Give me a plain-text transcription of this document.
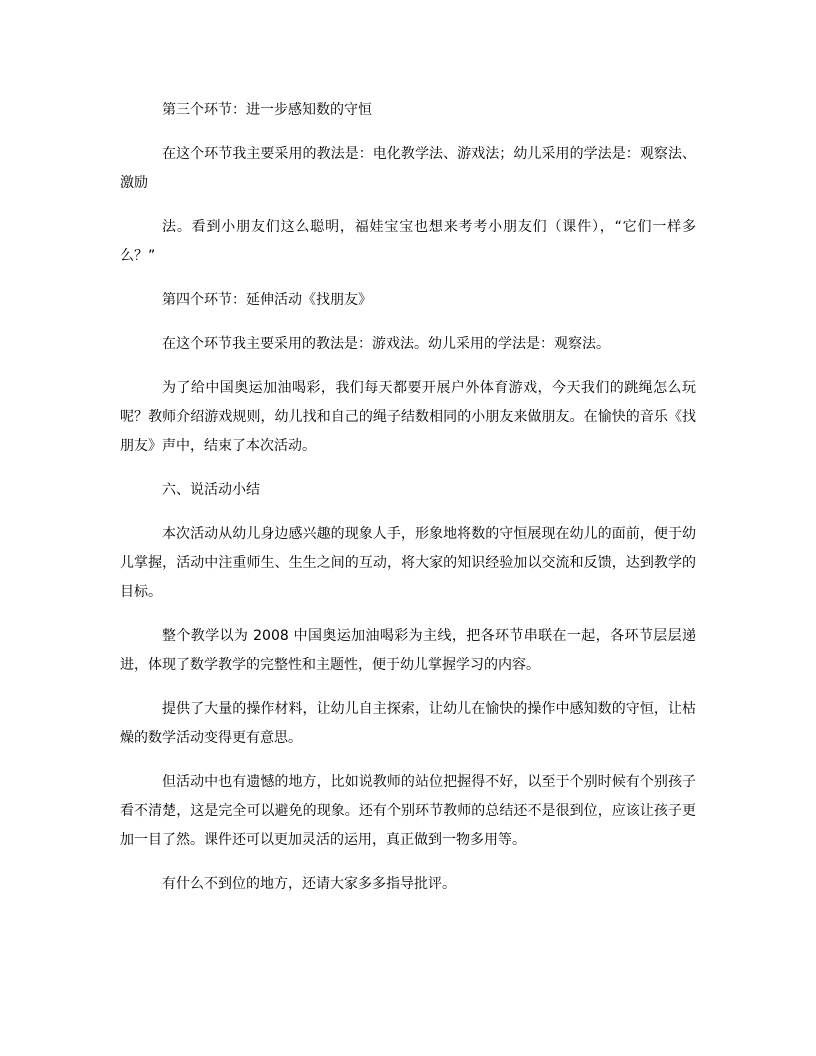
第三个环节：进一步感知数的守恒

在这个环节我主要采用的教法是：电化教学法、游戏法；幼儿采用的学法是：观察法、激励

法。看到小朋友们这么聪明，福娃宝宝也想来考考小朋友们（课件），“它们一样多么？”

第四个环节：延伸活动《找朋友》

在这个环节我主要采用的教法是：游戏法。幼儿采用的学法是：观察法。

为了给中国奥运加油喝彩，我们每天都要开展户外体育游戏，今天我们的跳绳怎么玩呢？教师介绍游戏规则，幼儿找和自己的绳子结数相同的小朋友来做朋友。在愉快的音乐《找朋友》声中，结束了本次活动。

六、说活动小结

本次活动从幼儿身边感兴趣的现象人手，形象地将数的守恒展现在幼儿的面前，便于幼儿掌握，活动中注重师生、生生之间的互动，将大家的知识经验加以交流和反馈，达到教学的目标。

整个教学以为 2008 中国奥运加油喝彩为主线，把各环节串联在一起，各环节层层递进，体现了数学教学的完整性和主题性，便于幼儿掌握学习的内容。

提供了大量的操作材料，让幼儿自主探索，让幼儿在愉快的操作中感知数的守恒，让枯燥的数学活动变得更有意思。

但活动中也有遗憾的地方，比如说教师的站位把握得不好，以至于个别时候有个别孩子看不清楚，这是完全可以避免的现象。还有个别环节教师的总结还不是很到位，应该让孩子更加一目了然。课件还可以更加灵活的运用，真正做到一物多用等。

有什么不到位的地方，还请大家多多指导批评。
